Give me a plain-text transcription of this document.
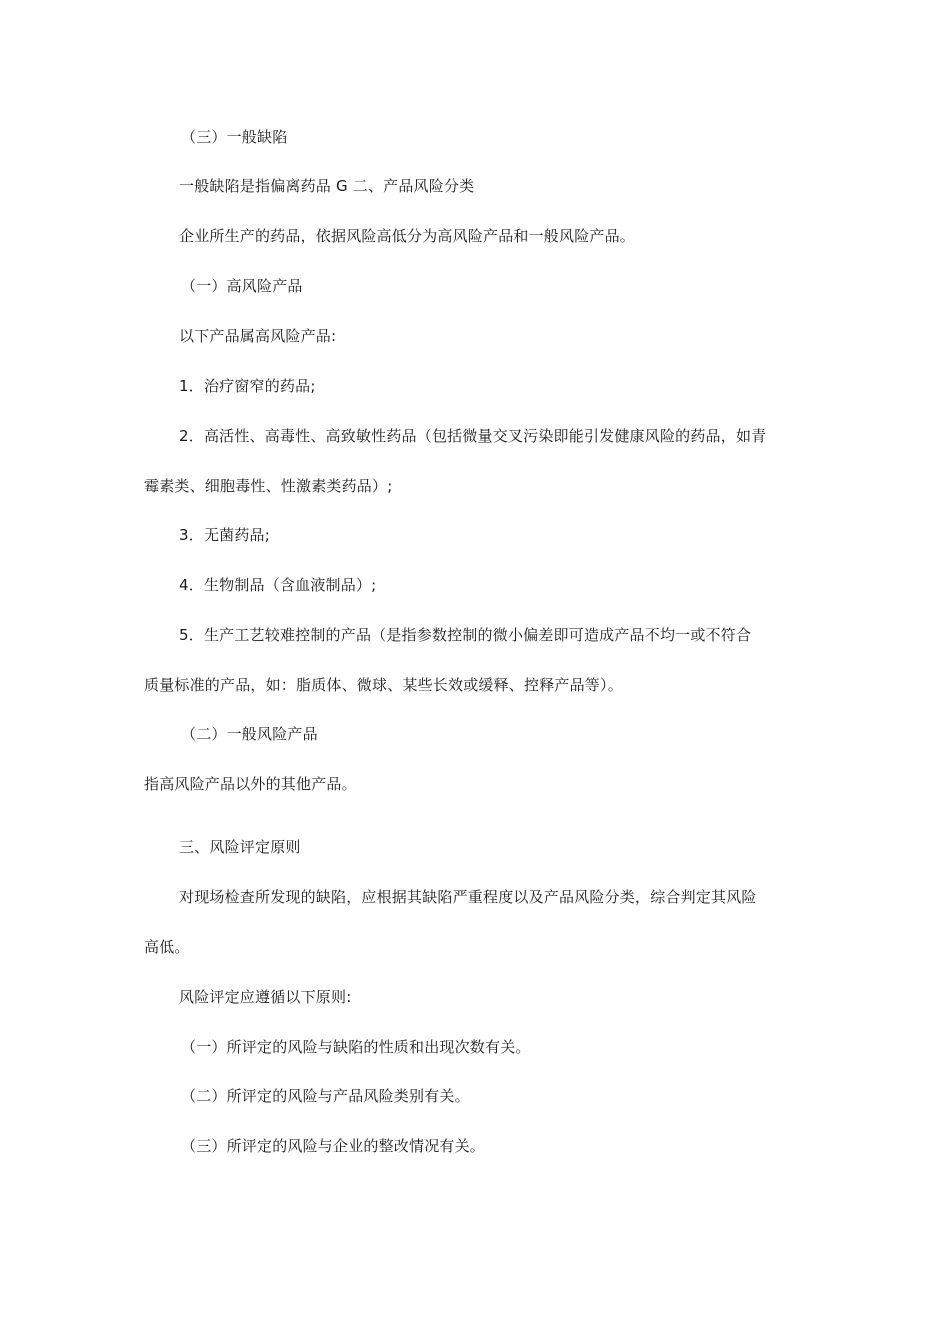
（三）一般缺陷
一般缺陷是指偏离药品 G 二、产品风险分类
企业所生产的药品，依据风险高低分为高风险产品和一般风险产品。
（一）高风险产品
以下产品属高风险产品:
1．治疗窗窄的药品;
2．高活性、高毒性、高致敏性药品（包括微量交叉污染即能引发健康风险的药品，如青
霉素类、细胞毒性、性激素类药品）;
3．无菌药品;
4．生物制品（含血液制品）;
5．生产工艺较难控制的产品（是指参数控制的微小偏差即可造成产品不均一或不符合
质量标准的产品，如：脂质体、微球、某些长效或缓释、控释产品等）。
（二）一般风险产品
指高风险产品以外的其他产品。
三、风险评定原则
对现场检查所发现的缺陷，应根据其缺陷严重程度以及产品风险分类，综合判定其风险
高低。
风险评定应遵循以下原则:
（一）所评定的风险与缺陷的性质和出现次数有关。
（二）所评定的风险与产品风险类别有关。
（三）所评定的风险与企业的整改情况有关。
